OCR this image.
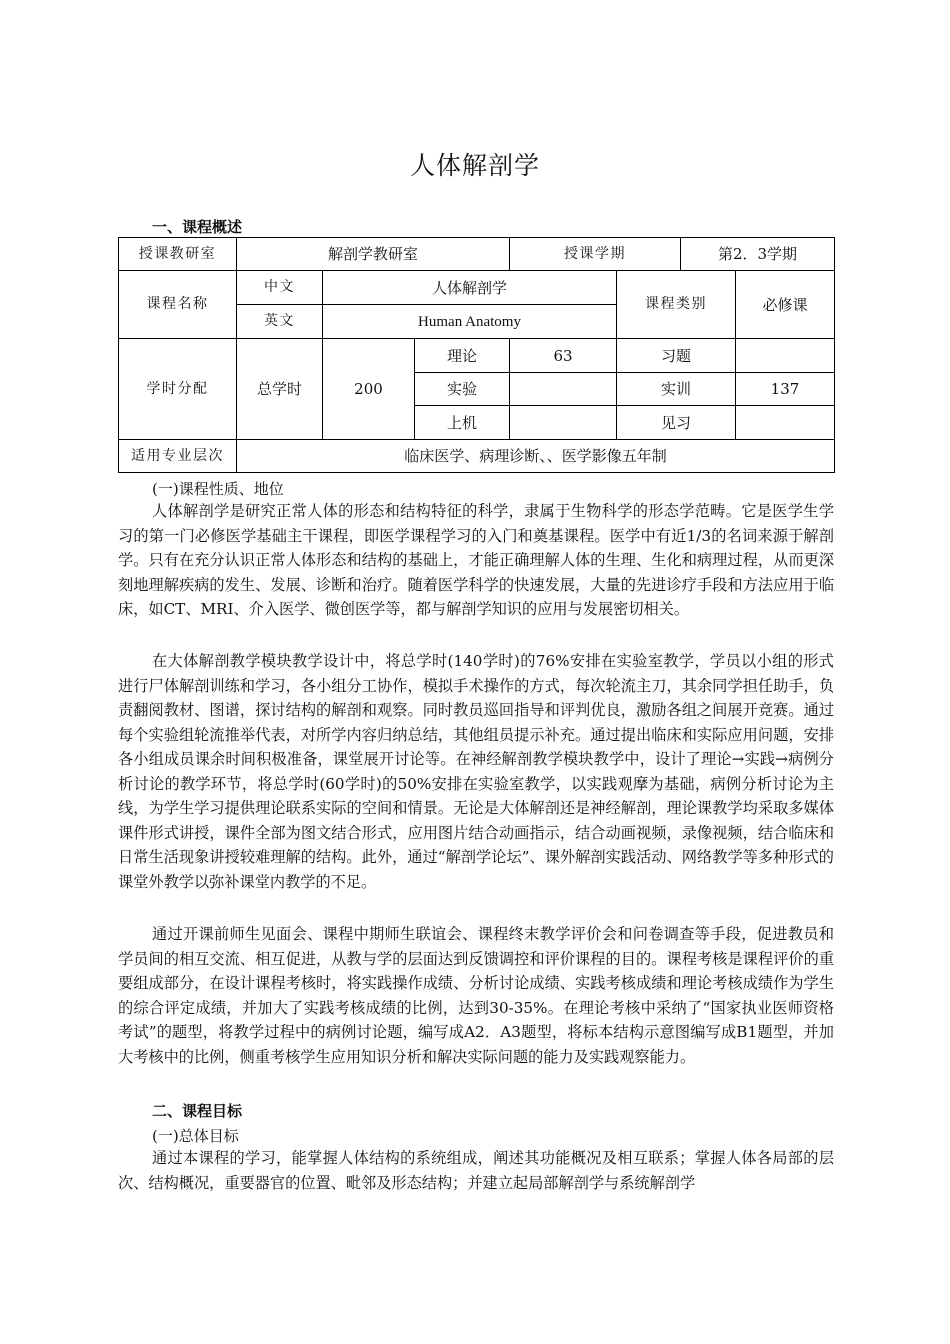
人体解剖学
一、课程概述
授课教研室	解剖学教研室			授课学期		第2．3学期	
课程名称	中文	人体解剖学			课程类别		必修课
	英文	Human Anatomy					
学时分配	总学时	200	理论	63	习题		
			实验		实训		137
			上机		见习		
适用专业层次	临床医学、病理诊断、、医学影像五年制						
(一)课程性质、地位

人体解剖学是研究正常人体的形态和结构特征的科学，隶属于生物科学的形态学范畴。它是医学生学习的第一门必修医学基础主干课程，即医学课程学习的入门和奠基课程。医学中有近1/3的名词来源于解剖学。只有在充分认识正常人体形态和结构的基础上，才能正确理解人体的生理、生化和病理过程，从而更深刻地理解疾病的发生、发展、诊断和治疗。随着医学科学的快速发展，大量的先进诊疗手段和方法应用于临床，如CT、MRI、介入医学、微创医学等，都与解剖学知识的应用与发展密切相关。

在大体解剖教学模块教学设计中，将总学时(140学时)的76%安排在实验室教学，学员以小组的形式进行尸体解剖训练和学习，各小组分工协作，模拟手术操作的方式，每次轮流主刀，其余同学担任助手，负责翻阅教材、图谱，探讨结构的解剖和观察。同时教员巡回指导和评判优良，激励各组之间展开竞赛。通过每个实验组轮流推举代表，对所学内容归纳总结，其他组员提示补充。通过提出临床和实际应用问题，安排各小组成员课余时间积极准备，课堂展开讨论等。在神经解剖教学模块教学中，设计了理论→实践→病例分析讨论的教学环节，将总学时(60学时)的50%安排在实验室教学，以实践观摩为基础，病例分析讨论为主线，为学生学习提供理论联系实际的空间和情景。无论是大体解剖还是神经解剖，理论课教学均采取多媒体课件形式讲授，课件全部为图文结合形式，应用图片结合动画指示，结合动画视频，录像视频，结合临床和日常生活现象讲授较难理解的结构。此外，通过“解剖学论坛”、课外解剖实践活动、网络教学等多种形式的课堂外教学以弥补课堂内教学的不足。

通过开课前师生见面会、课程中期师生联谊会、课程终末教学评价会和问卷调查等手段，促进教员和学员间的相互交流、相互促进，从教与学的层面达到反馈调控和评价课程的目的。课程考核是课程评价的重要组成部分，在设计课程考核时，将实践操作成绩、分析讨论成绩、实践考核成绩和理论考核成绩作为学生的综合评定成绩，并加大了实践考核成绩的比例，达到30-35%。在理论考核中采纳了“国家执业医师资格考试”的题型，将教学过程中的病例讨论题，编写成A2．A3题型，将标本结构示意图编写成B1题型，并加大考核中的比例，侧重考核学生应用知识分析和解决实际问题的能力及实践观察能力。

二、课程目标
(一)总体目标

通过本课程的学习，能掌握人体结构的系统组成，阐述其功能概况及相互联系；掌握人体各局部的层次、结构概况，重要器官的位置、毗邻及形态结构；并建立起局部解剖学与系统解剖学
